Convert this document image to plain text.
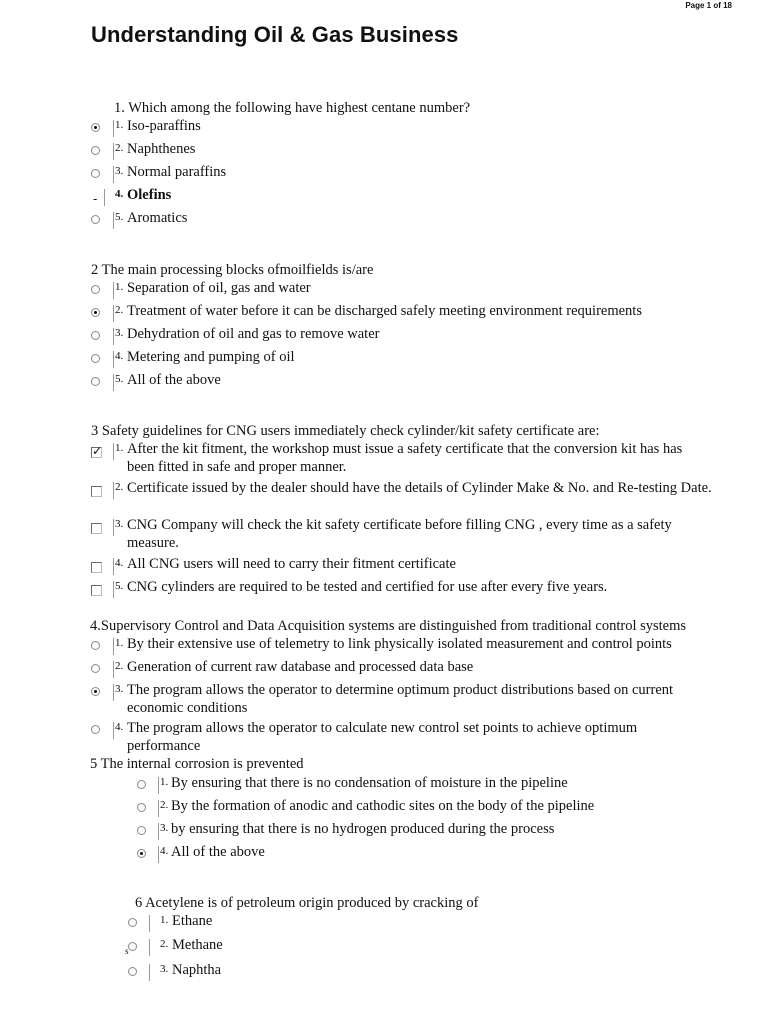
Page 1 of 18
Understanding Oil & Gas Business
1. Which among the following have highest centane number?
1. Iso-paraffins
2. Naphthenes
3. Normal paraffins
- 4. Olefins
5. Aromatics
2 The main processing blocks ofmoilfields is/are
1. Separation of oil, gas and water
2. Treatment of water before it can be discharged safely meeting environment requirements
3. Dehydration of oil and gas to remove water
4. Metering and pumping of oil
5. All of the above
3 Safety guidelines for CNG users immediately check cylinder/kit safety certificate are:
✓
1. After the kit fitment, the workshop must issue a safety certificate that the conversion kit has has been fitted in safe and proper manner.
2. Certificate issued by the dealer should have the details of Cylinder Make & No. and Re-testing Date.
3. CNG Company will check the kit safety certificate before filling CNG , every time as a safety measure.
4. All CNG users will need to carry their fitment certificate
5. CNG cylinders are required to be tested and certified for use after every five years.
4.Supervisory Control and Data Acquisition systems are distinguished from traditional control systems
1. By their extensive use of telemetry to link physically isolated measurement and control points
2. Generation of current raw database and processed data base
3. The program allows the operator to determine optimum product distributions based on current economic conditions
4. The program allows the operator to calculate new control set points to achieve optimum performance
5 The internal corrosion is prevented
1. By ensuring that there is no condensation of moisture in the pipeline
2. By the formation of anodic and cathodic sites on the body of the pipeline
3. by ensuring that there is no hydrogen produced during the process
4. All of the above
6 Acetylene is of petroleum origin produced by cracking of
1. Ethane
2. Methane
3. Naphtha
s
